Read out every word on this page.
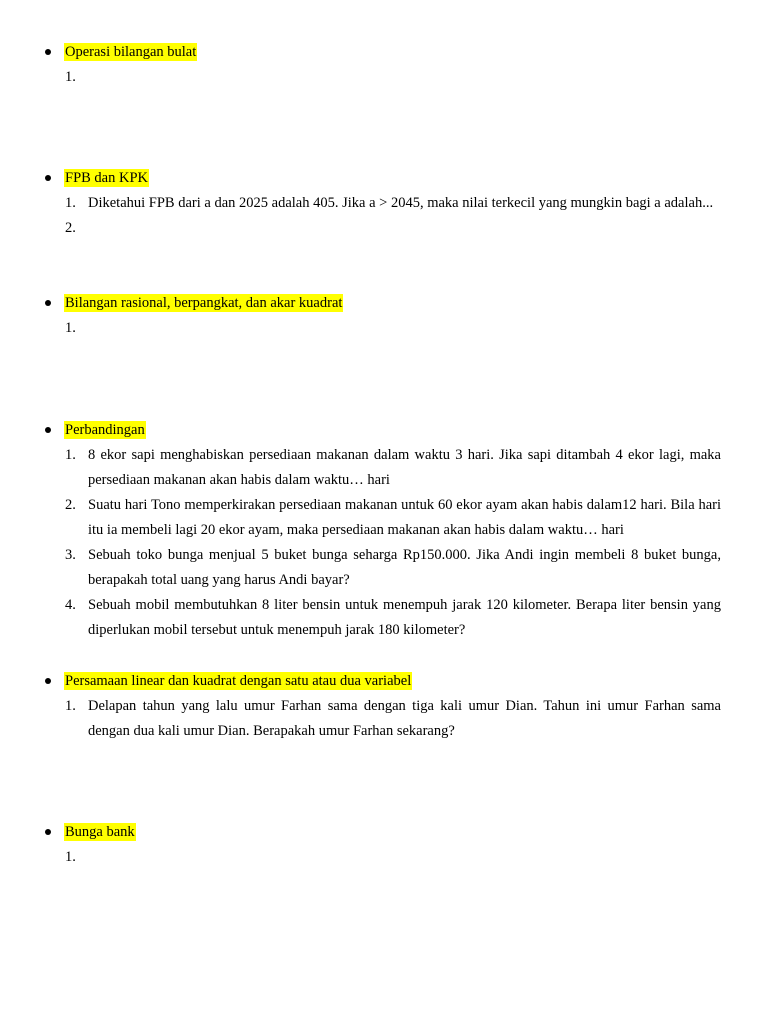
Operasi bilangan bulat
1.

FPB dan KPK
1. Diketahui FPB dari a dan 2025 adalah 405. Jika a > 2045, maka nilai terkecil yang mungkin bagi a adalah...
2.

Bilangan rasional, berpangkat, dan akar kuadrat
1.

Perbandingan
1. 8 ekor sapi menghabiskan persediaan makanan dalam waktu 3 hari. Jika sapi ditambah 4 ekor lagi, maka persediaan makanan akan habis dalam waktu… hari
2. Suatu hari Tono memperkirakan persediaan makanan untuk 60 ekor ayam akan habis dalam12 hari. Bila hari itu ia membeli lagi 20 ekor ayam, maka persediaan makanan akan habis dalam waktu… hari
3. Sebuah toko bunga menjual 5 buket bunga seharga Rp150.000. Jika Andi ingin membeli 8 buket bunga, berapakah total uang yang harus Andi bayar?
4. Sebuah mobil membutuhkan 8 liter bensin untuk menempuh jarak 120 kilometer. Berapa liter bensin yang diperlukan mobil tersebut untuk menempuh jarak 180 kilometer?
Persamaan linear dan kuadrat dengan satu atau dua variabel
1. Delapan tahun yang lalu umur Farhan sama dengan tiga kali umur Dian. Tahun ini umur Farhan sama dengan dua kali umur Dian. Berapakah umur Farhan sekarang?
Bunga bank
1.
